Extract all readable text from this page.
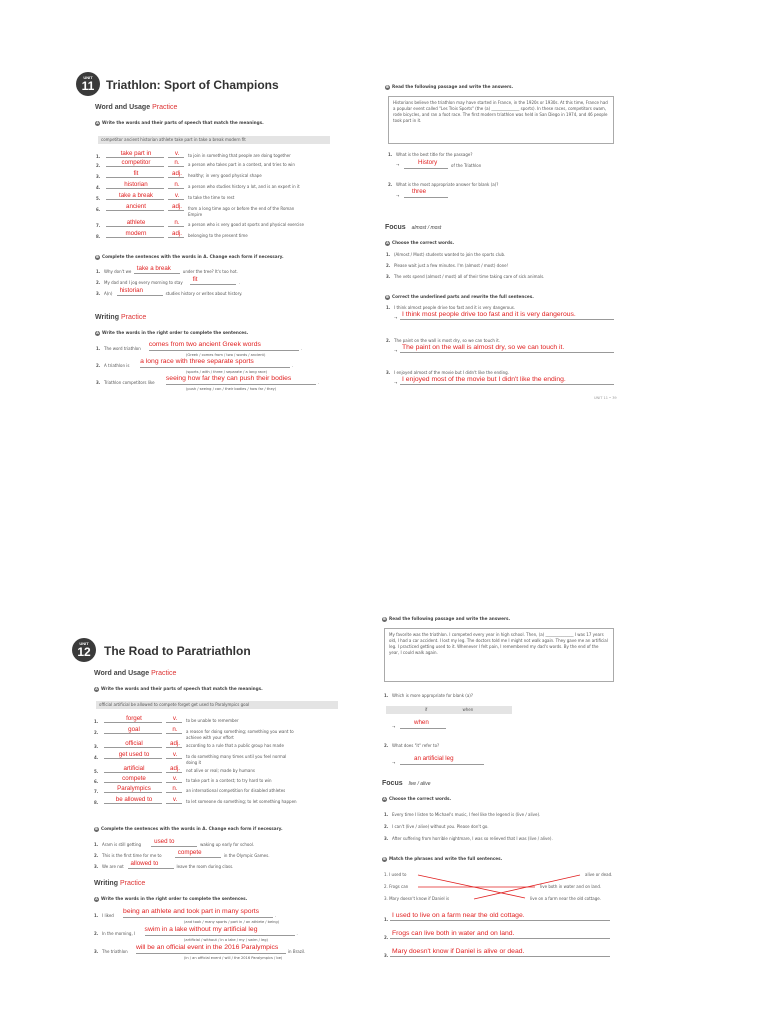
UNIT
11 Triathlon: Sport of Champions
Word and Usage Practice
A Write the words and their parts of speech that match the meanings.
competitor ancient historian athlete take part in take a break modern fit
1.	take part in	v.	to join in something that people are doing together
2.	competitor	n.	a person who takes part in a contest, and tries to win
3.	fit	adj.	healthy; in very good physical shape
4.	historian	n.	a person who studies history a lot, and is an expert in it
5.	take a break	v.	to take the time to rest
6.	ancient	adj.	from a long time ago or before the end of the Roman
Empire
7.	athlete	n.	a person who is very good at sports and physical exercise
8.	modern	adj.	belonging to the present time
B Complete the sentences with the words in A. Change each form if necessary.
1. Why don't we take a break	under the tree? It's too hot.
2. My dad and I jog every morning to stay fit	.
3. A(n) historian	studies history or writes about history.
Writing Practice
A Write the words in the right order to complete the sentences.
1. The word triathlon
comes from two ancient Greek words
.
(Greek / comes from / two / words / ancient)
2. A triathlon is
a long race with three separate sports
.
(sports / with / three / separate / a long race)
3. Triathlon competitors like
seeing how far they can push their bodies
.
(push / seeing / can / their bodies / how far / they)
B Read the following passage and write the answers.
Historians believe the triathlon may have started in France, in the 1920s or 1930s. At this time, France had a popular event called "Les Trois Sports" (the (a) ______________ sports). In these races, competitors swam, rode bicycles, and ran a foot race. The first modern triathlon was held in San Diego in 1974, and 46 people took part in it.
1. What is the best title for the passage?
→	History	of the Triathlon
2. What is the most appropriate answer for blank (a)?
→
three
Focus almost / most
A Choose the correct words.
1. (Almost / Most) students wanted to join the sports club.
2. Please wait just a few minutes. I'm (almost / most) done!
3. The vets spend (almost / most) all of their time taking care of sick animals.
B Correct the underlined parts and rewrite the full sentences.
1. I think almost people drive too fast and it is very dangerous.
→ I think most people drive too fast and it is very dangerous.
2. The paint on the wall is most dry, so we can touch it.
→ The paint on the wall is almost dry, so we can touch it.
3. I enjoyed almost of the movie but I didn't like the ending.
→ I enjoyed most of the movie but I didn't like the ending.
UNIT 11 • 39
UNIT
12	The Road to Paratriathlon
Word and Usage Practice
A Write the words and their parts of speech that match the meanings.
official artificial be allowed to compete forget get used to Paralympics goal
1.	forget	v.	to be unable to remember
2.	goal	n.	a reason for doing something; something you want to
achieve with your effort
3.	official	adj.	according to a rule that a public group has made
4.	get used to	v.	to do something many times until you feel normal
doing it
5.	artificial	adj.	not alive or real; made by humans
6.	compete	v.	to take part in a contest; to try hard to win
7.	Paralympics	n.	an international competition for disabled athletes
8.	be allowed to	v.	to let someone do something; to let something happen
B Complete the sentences with the words in A. Change each form if necessary.
1. Aram is still getting used to	waking up early for school.
2. This is the first time for me to	compete	in the Olympic Games.
3. We are not allowed to	leave the room during class.
Writing Practice
A Write the words in the right order to complete the sentences.
1. I liked
being an athlete and took part in many sports
.
(and took / many sports / part in / an athlete / being)
2. In the morning, I
swim in a lake without my artificial leg
.
(artificial / without / in a lake / my / swim / leg)
3. The triathlon
will be an official event in the 2016 Paralympics
in Brazil.
(in / an official event / will / the 2016 Paralympics / be)
B Read the following passage and write the answers.
My favorite was the triathlon. I competed every year in high school. Then, (a) ______________ I was 17 years old, I had a car accident. I lost my leg. The doctors told me I might not walk again. They gave me an artificial leg. I practiced getting used to it. Whenever I felt pain, I remembered my dad's words. By the end of the year, I could walk again.
1. Which is more appropriate for blank (a)?
if	when
→
when
2. What does "it" refer to?
→
an artificial leg
Focus live / alive
A Choose the correct words.
1. Every time I listen to Michael's music, I feel like the legend is (live / alive).
2. I can't (live / alive) without you. Please don't go.
3. After suffering from horrible nightmare, I was so relieved that I was (live / alive).
B Match the phrases and write the full sentences.
1. I used to
2. Frogs can
3. Mary doesn't know if Daniel is
alive or dead.
live both in water and on land.
live on a farm near the old cottage.
1.
I used to live on a farm near the old cottage.
2.
Frogs can live both in water and on land.
3.
Mary doesn't know if Daniel is alive or dead.
